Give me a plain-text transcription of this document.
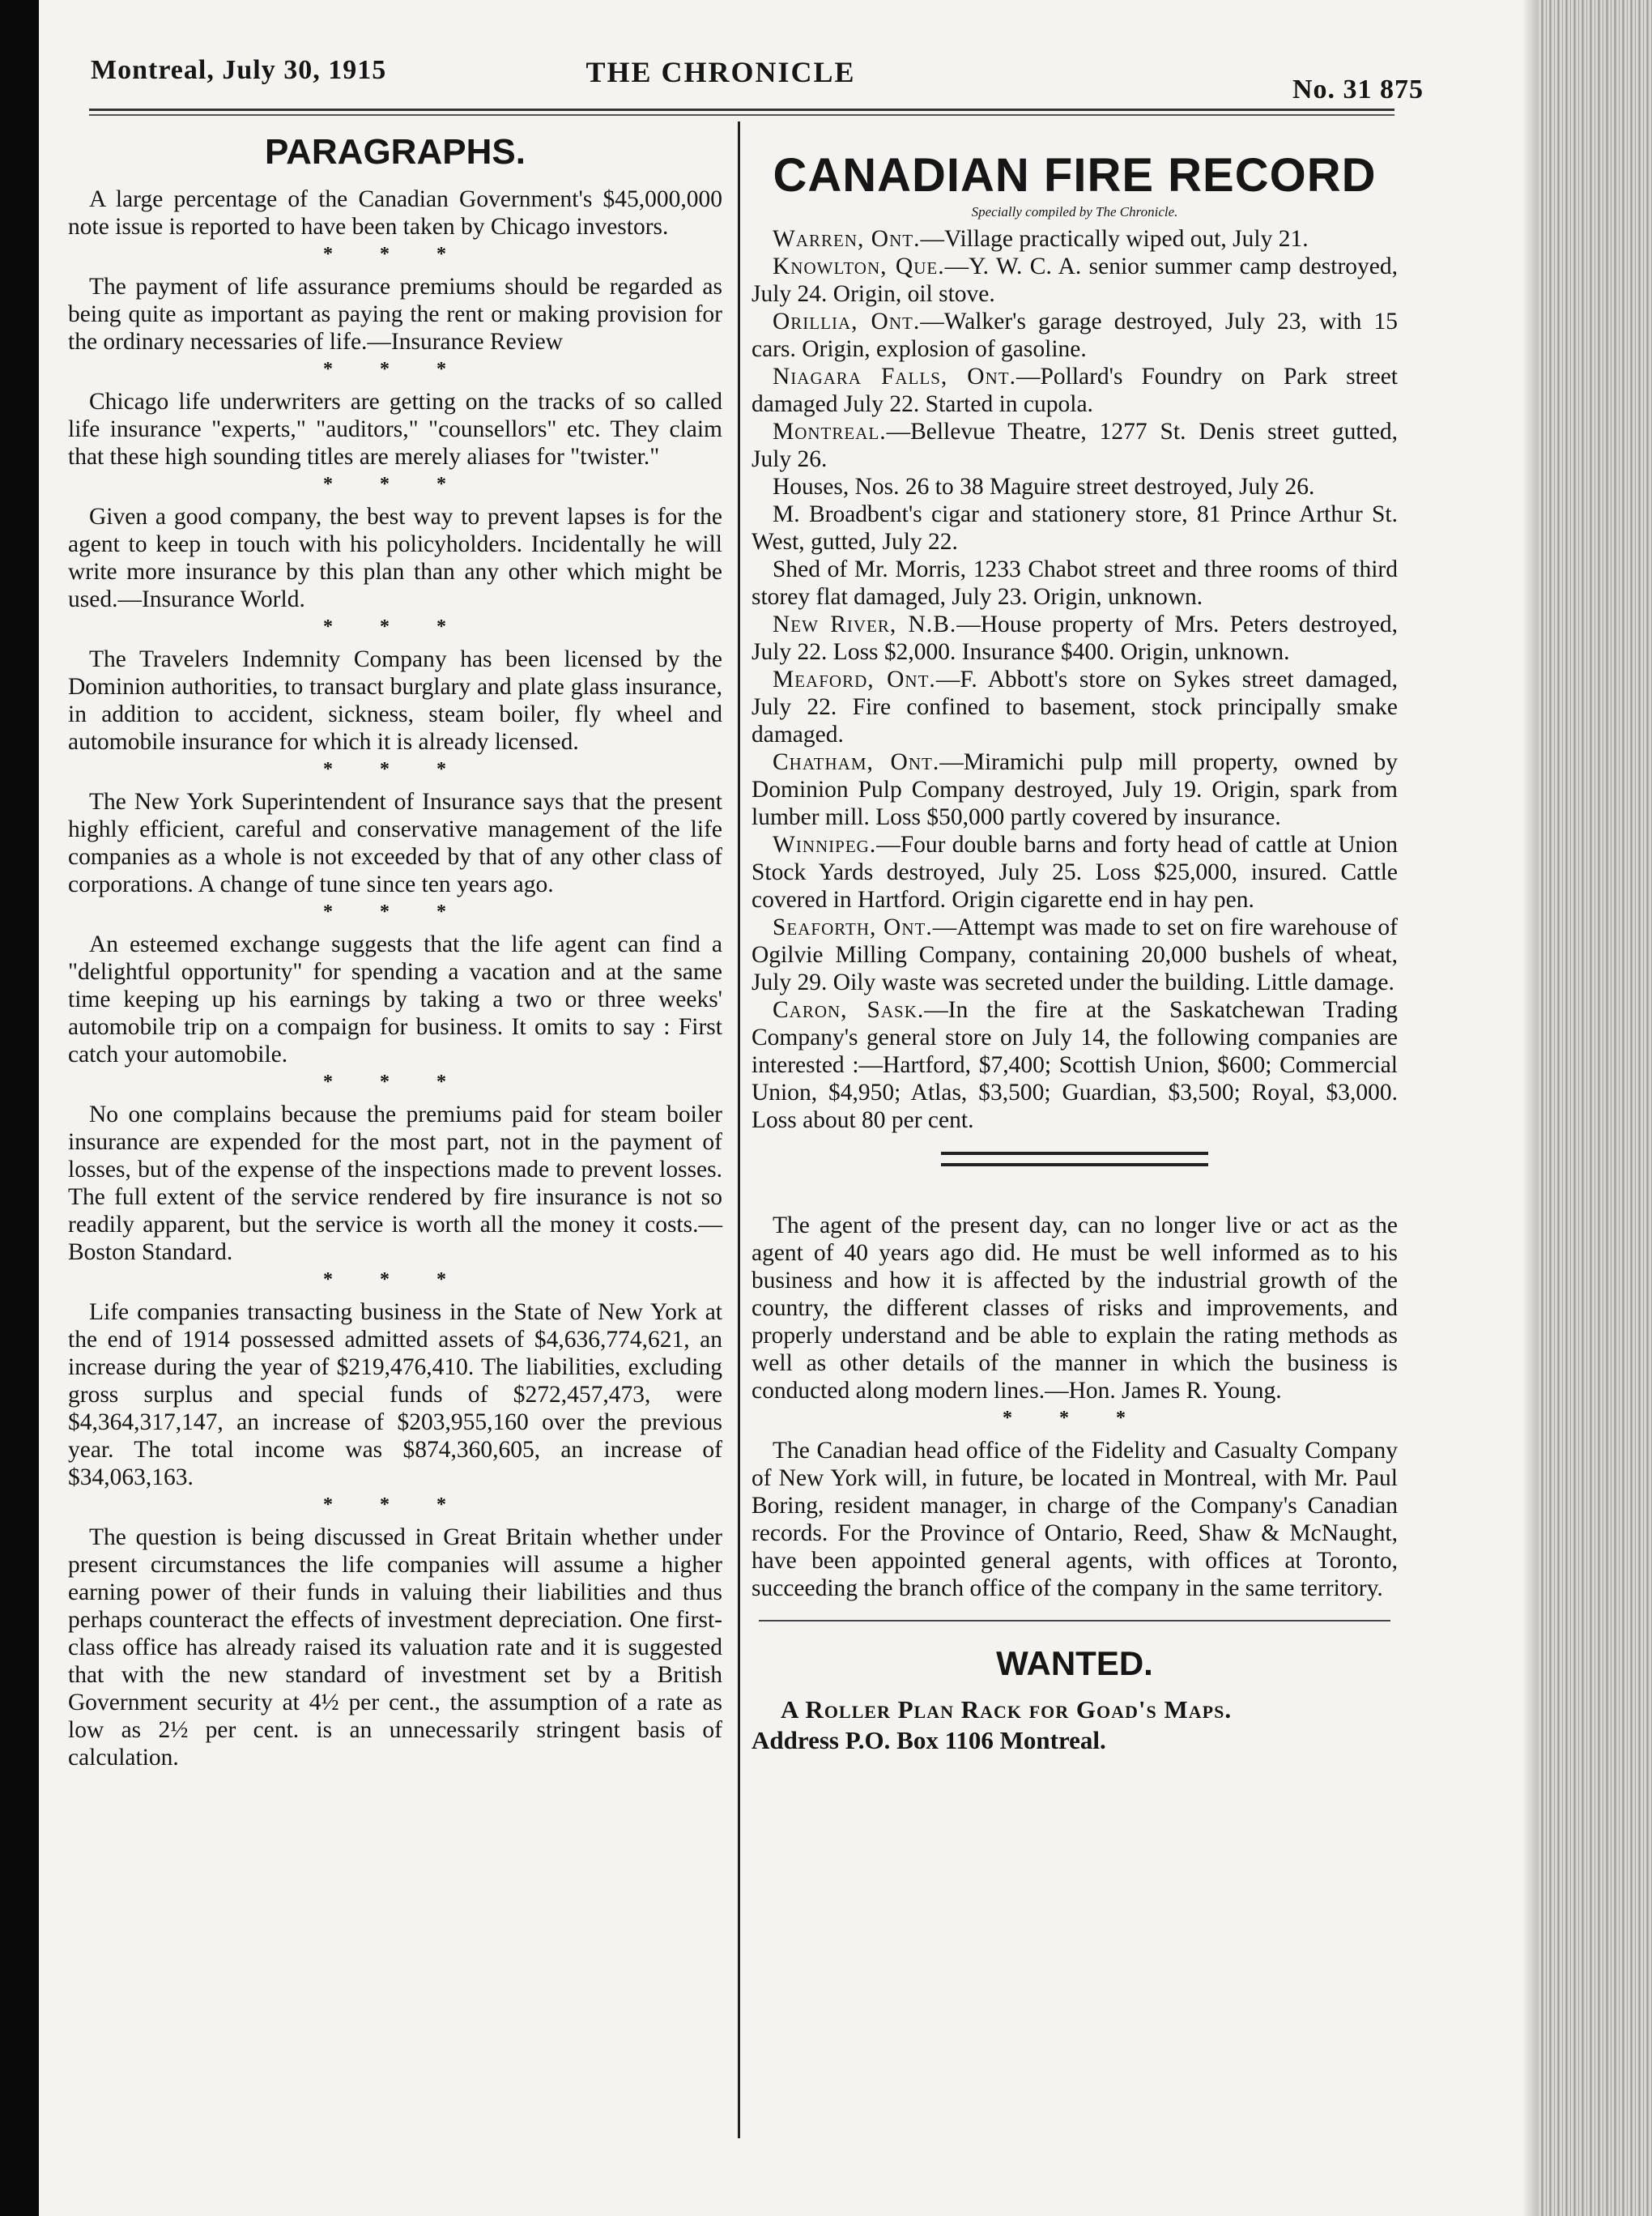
Montreal, July 30, 1915	THE CHRONICLE
No. 31 875
PARAGRAPHS.

A large percentage of the Canadian Government's $45,000,000 note issue is reported to have been taken by Chicago investors.

* * *

The payment of life assurance premiums should be regarded as being quite as important as paying the rent or making provision for the ordinary necessaries of life.—Insurance Review

* * *

Chicago life underwriters are getting on the tracks of so called life insurance "experts," "auditors," "counsellors" etc. They claim that these high sounding titles are merely aliases for "twister."

* * *

Given a good company, the best way to prevent lapses is for the agent to keep in touch with his policyholders. Incidentally he will write more insurance by this plan than any other which might be used.—Insurance World.

* * *

The Travelers Indemnity Company has been licensed by the Dominion authorities, to transact burglary and plate glass insurance, in addition to accident, sickness, steam boiler, fly wheel and automobile insurance for which it is already licensed.

* * *

The New York Superintendent of Insurance says that the present highly efficient, careful and conservative management of the life companies as a whole is not exceeded by that of any other class of corporations. A change of tune since ten years ago.

* * *

An esteemed exchange suggests that the life agent can find a "delightful opportunity" for spending a vacation and at the same time keeping up his earnings by taking a two or three weeks' automobile trip on a compaign for business. It omits to say : First catch your automobile.

* * *

No one complains because the premiums paid for steam boiler insurance are expended for the most part, not in the payment of losses, but of the expense of the inspections made to prevent losses. The full extent of the service rendered by fire insurance is not so readily apparent, but the service is worth all the money it costs.—Boston Standard.

* * *

Life companies transacting business in the State of New York at the end of 1914 possessed admitted assets of $4,636,774,621, an increase during the year of $219,476,410. The liabilities, excluding gross surplus and special funds of $272,457,473, were $4,364,317,147, an increase of $203,955,160 over the previous year. The total income was $874,360,605, an increase of $34,063,163.

* * *

The question is being discussed in Great Britain whether under present circumstances the life companies will assume a higher earning power of their funds in valuing their liabilities and thus perhaps counteract the effects of investment depreciation. One first-class office has already raised its valuation rate and it is suggested that with the new standard of investment set by a British Government security at 4½ per cent., the assumption of a rate as low as 2½ per cent. is an unnecessarily stringent basis of calculation.

CANADIAN FIRE RECORD
Specially compiled by The Chronicle.

Warren, Ont.—Village practically wiped out, July 21.

Knowlton, Que.—Y. W. C. A. senior summer camp destroyed, July 24. Origin, oil stove.

Orillia, Ont.—Walker's garage destroyed, July 23, with 15 cars. Origin, explosion of gasoline.

Niagara Falls, Ont.—Pollard's Foundry on Park street damaged July 22. Started in cupola.

Montreal.—Bellevue Theatre, 1277 St. Denis street gutted, July 26.

Houses, Nos. 26 to 38 Maguire street destroyed, July 26.

M. Broadbent's cigar and stationery store, 81 Prince Arthur St. West, gutted, July 22.

Shed of Mr. Morris, 1233 Chabot street and three rooms of third storey flat damaged, July 23. Origin, unknown.

New River, N.B.—House property of Mrs. Peters destroyed, July 22. Loss $2,000. Insurance $400. Origin, unknown.

Meaford, Ont.—F. Abbott's store on Sykes street damaged, July 22. Fire confined to basement, stock principally smake damaged.

Chatham, Ont.—Miramichi pulp mill property, owned by Dominion Pulp Company destroyed, July 19. Origin, spark from lumber mill. Loss $50,000 partly covered by insurance.

Winnipeg.—Four double barns and forty head of cattle at Union Stock Yards destroyed, July 25. Loss $25,000, insured. Cattle covered in Hartford. Origin cigarette end in hay pen.

Seaforth, Ont.—Attempt was made to set on fire warehouse of Ogilvie Milling Company, containing 20,000 bushels of wheat, July 29. Oily waste was secreted under the building. Little damage.

Caron, Sask.—In the fire at the Saskatchewan Trading Company's general store on July 14, the following companies are interested :—Hartford, $7,400; Scottish Union, $600; Commercial Union, $4,950; Atlas, $3,500; Guardian, $3,500; Royal, $3,000. Loss about 80 per cent.

The agent of the present day, can no longer live or act as the agent of 40 years ago did. He must be well informed as to his business and how it is affected by the industrial growth of the country, the different classes of risks and improvements, and properly understand and be able to explain the rating methods as well as other details of the manner in which the business is conducted along modern lines.—Hon. James R. Young.

* * *

The Canadian head office of the Fidelity and Casualty Company of New York will, in future, be located in Montreal, with Mr. Paul Boring, resident manager, in charge of the Company's Canadian records. For the Province of Ontario, Reed, Shaw & McNaught, have been appointed general agents, with offices at Toronto, succeeding the branch office of the company in the same territory.

WANTED.

A Roller Plan Rack for Goad's Maps.

Address P.O. Box 1106 Montreal.
